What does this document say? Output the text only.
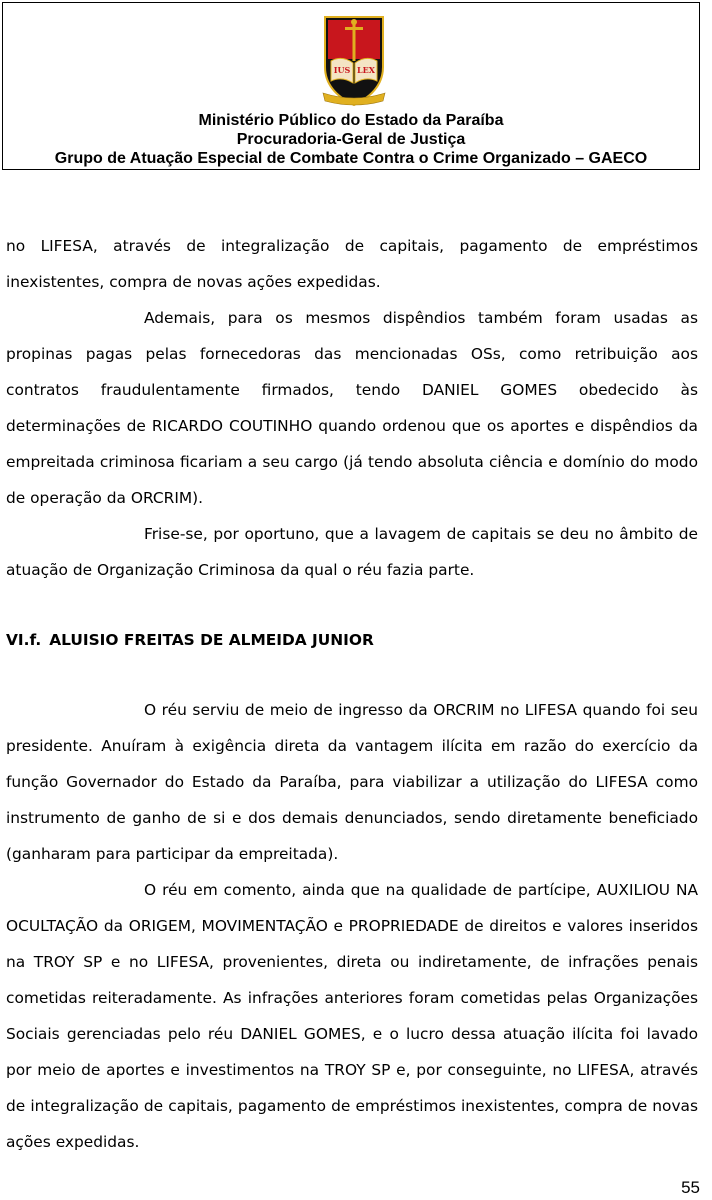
IUS LEX
Ministério Público do Estado da Paraíba
Procuradoria-Geral de Justiça
Grupo de Atuação Especial de Combate Contra o Crime Organizado – GAECO

no LIFESA, através de integralização de capitais, pagamento de empréstimos inexistentes, compra de novas ações expedidas.

Ademais, para os mesmos dispêndios também foram usadas as propinas pagas pelas fornecedoras das mencionadas OSs, como retribuição aos contratos fraudulentamente firmados, tendo DANIEL GOMES obedecido às determinações de RICARDO COUTINHO quando ordenou que os aportes e dispêndios da empreitada criminosa ficariam a seu cargo (já tendo absoluta ciência e domínio do modo de operação da ORCRIM).

Frise-se, por oportuno, que a lavagem de capitais se deu no âmbito de atuação de Organização Criminosa da qual o réu fazia parte.

VI.f. ALUISIO FREITAS DE ALMEIDA JUNIOR

O réu serviu de meio de ingresso da ORCRIM no LIFESA quando foi seu presidente. Anuíram à exigência direta da vantagem ilícita em razão do exercício da função Governador do Estado da Paraíba, para viabilizar a utilização do LIFESA como instrumento de ganho de si e dos demais denunciados, sendo diretamente beneficiado (ganharam para participar da empreitada).

O réu em comento, ainda que na qualidade de partícipe, AUXILIOU NA OCULTAÇÃO da ORIGEM, MOVIMENTAÇÃO e PROPRIEDADE de direitos e valores inseridos na TROY SP e no LIFESA, provenientes, direta ou indiretamente, de infrações penais cometidas reiteradamente. As infrações anteriores foram cometidas pelas Organizações Sociais gerenciadas pelo réu DANIEL GOMES, e o lucro dessa atuação ilícita foi lavado por meio de aportes e investimentos na TROY SP e, por conseguinte, no LIFESA, através de integralização de capitais, pagamento de empréstimos inexistentes, compra de novas ações expedidas.

55
